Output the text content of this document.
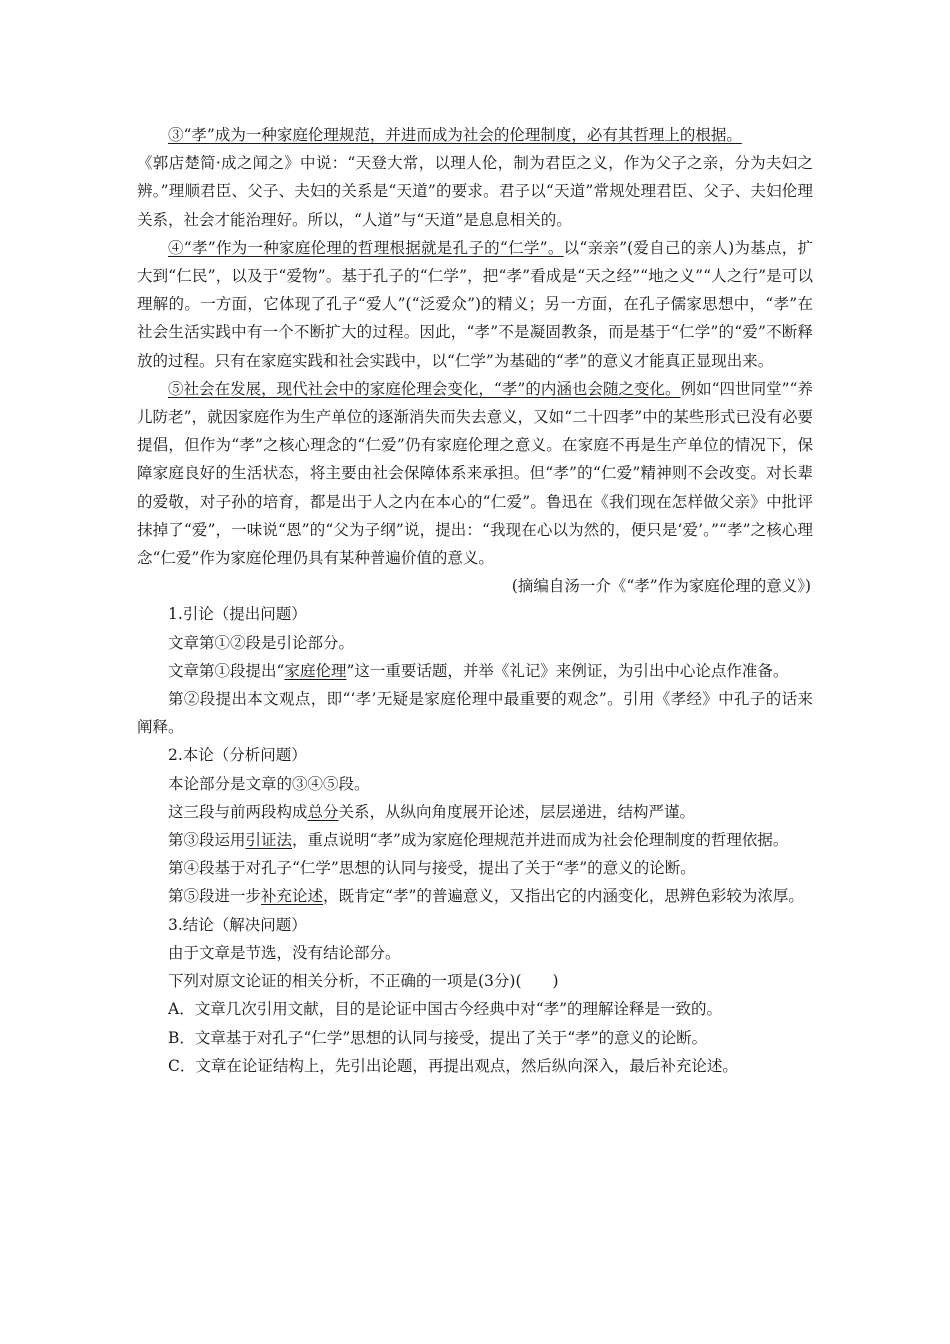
③“孝”成为一种家庭伦理规范，并进而成为社会的伦理制度，必有其哲理上的根据。

《郭店楚简·成之闻之》中说：“天登大常，以理人伦，制为君臣之义，作为父子之亲，分为夫妇之辨。”理顺君臣、父子、夫妇的关系是“天道”的要求。君子以“天道”常规处理君臣、父子、夫妇伦理关系，社会才能治理好。所以，“人道”与“天道”是息息相关的。

④“孝”作为一种家庭伦理的哲理根据就是孔子的“仁学”。以“亲亲”(爱自己的亲人)为基点，扩大到“仁民”，以及于“爱物”。基于孔子的“仁学”，把“孝”看成是“天之经”“地之义”“人之行”是可以理解的。一方面，它体现了孔子“爱人”(“泛爱众”)的精义；另一方面，在孔子儒家思想中，“孝”在社会生活实践中有一个不断扩大的过程。因此，“孝”不是凝固教条，而是基于“仁学”的“爱”不断释放的过程。只有在家庭实践和社会实践中，以“仁学”为基础的“孝”的意义才能真正显现出来。

⑤社会在发展，现代社会中的家庭伦理会变化，“孝”的内涵也会随之变化。例如“四世同堂”“养儿防老”，就因家庭作为生产单位的逐渐消失而失去意义，又如“二十四孝”中的某些形式已没有必要提倡，但作为“孝”之核心理念的“仁爱”仍有家庭伦理之意义。在家庭不再是生产单位的情况下，保障家庭良好的生活状态，将主要由社会保障体系来承担。但“孝”的“仁爱”精神则不会改变。对长辈的爱敬，对子孙的培育，都是出于人之内在本心的“仁爱”。鲁迅在《我们现在怎样做父亲》中批评抹掉了“爱”，一味说“恩”的“父为子纲”说，提出：“我现在心以为然的，便只是‘爱’。”“孝”之核心理念“仁爱”作为家庭伦理仍具有某种普遍价值的意义。

(摘编自汤一介《“孝”作为家庭伦理的意义》)

1.引论（提出问题）

文章第①②段是引论部分。

文章第①段提出“家庭伦理”这一重要话题，并举《礼记》来例证，为引出中心论点作准备。

第②段提出本文观点，即“‘孝’无疑是家庭伦理中最重要的观念”。引用《孝经》中孔子的话来阐释。

2.本论（分析问题）

本论部分是文章的③④⑤段。

这三段与前两段构成总分关系，从纵向角度展开论述，层层递进，结构严谨。

第③段运用引证法，重点说明“孝”成为家庭伦理规范并进而成为社会伦理制度的哲理依据。

第④段基于对孔子“仁学”思想的认同与接受，提出了关于“孝”的意义的论断。

第⑤段进一步补充论述，既肯定“孝”的普遍意义，又指出它的内涵变化，思辨色彩较为浓厚。

3.结论（解决问题）

由于文章是节选，没有结论部分。

下列对原文论证的相关分析，不正确的一项是(3分)(　　)

A．文章几次引用文献，目的是论证中国古今经典中对“孝”的理解诠释是一致的。

B．文章基于对孔子“仁学”思想的认同与接受，提出了关于“孝”的意义的论断。

C．文章在论证结构上，先引出论题，再提出观点，然后纵向深入，最后补充论述。
